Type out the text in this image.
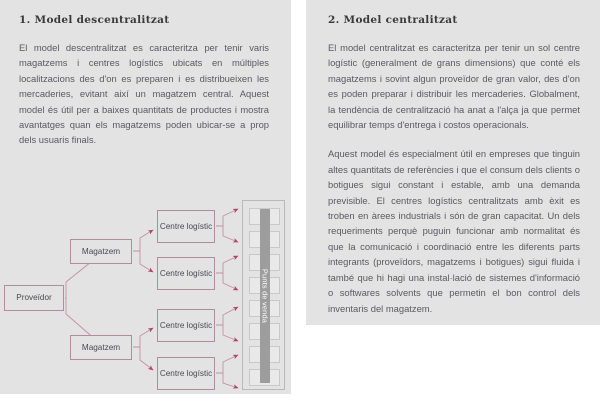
1. Model descentralitzat

El model descentralitzat es caracteritza per tenir varis magatzems i centres logístics ubicats en múltiples localitzacions des d'on es preparen i es distribueixen les mercaderies, evitant així un magatzem central. Aquest model és útil per a baixes quantitats de productes i mostra avantatges quan els magatzems poden ubicar-se a prop dels usuaris finals.

Proveïdor
Magatzem
Magatzem
Centre logístic
Centre logístic
Centre logístic
Centre logístic
Punts de venda
2. Model centralitzat

El model centralitzat es caracteritza per tenir un sol centre logístic (generalment de grans dimensions) que conté els magatzems i sovint algun proveïdor de gran valor, des d'on es poden preparar i distribuir les mercaderies. Globalment, la tendència de centralització ha anat a l'alça ja que permet equilibrar temps d'entrega i costos operacionals.

Aquest model és especialment útil en empreses que tinguin altes quantitats de referències i que el consum dels clients o botigues sigui constant i estable, amb una demanda previsible. El centres logístics centralitzats amb èxit es troben en àrees industrials i són de gran capacitat. Un dels requeriments perquè puguin funcionar amb normalitat és que la comunicació i coordinació entre les diferents parts integrants (proveïdors, magatzems i botigues) sigui fluida i també que hi hagi una instal·lació de sistemes d'informació o softwares solvents que permetin el bon control dels inventaris del magatzem.
